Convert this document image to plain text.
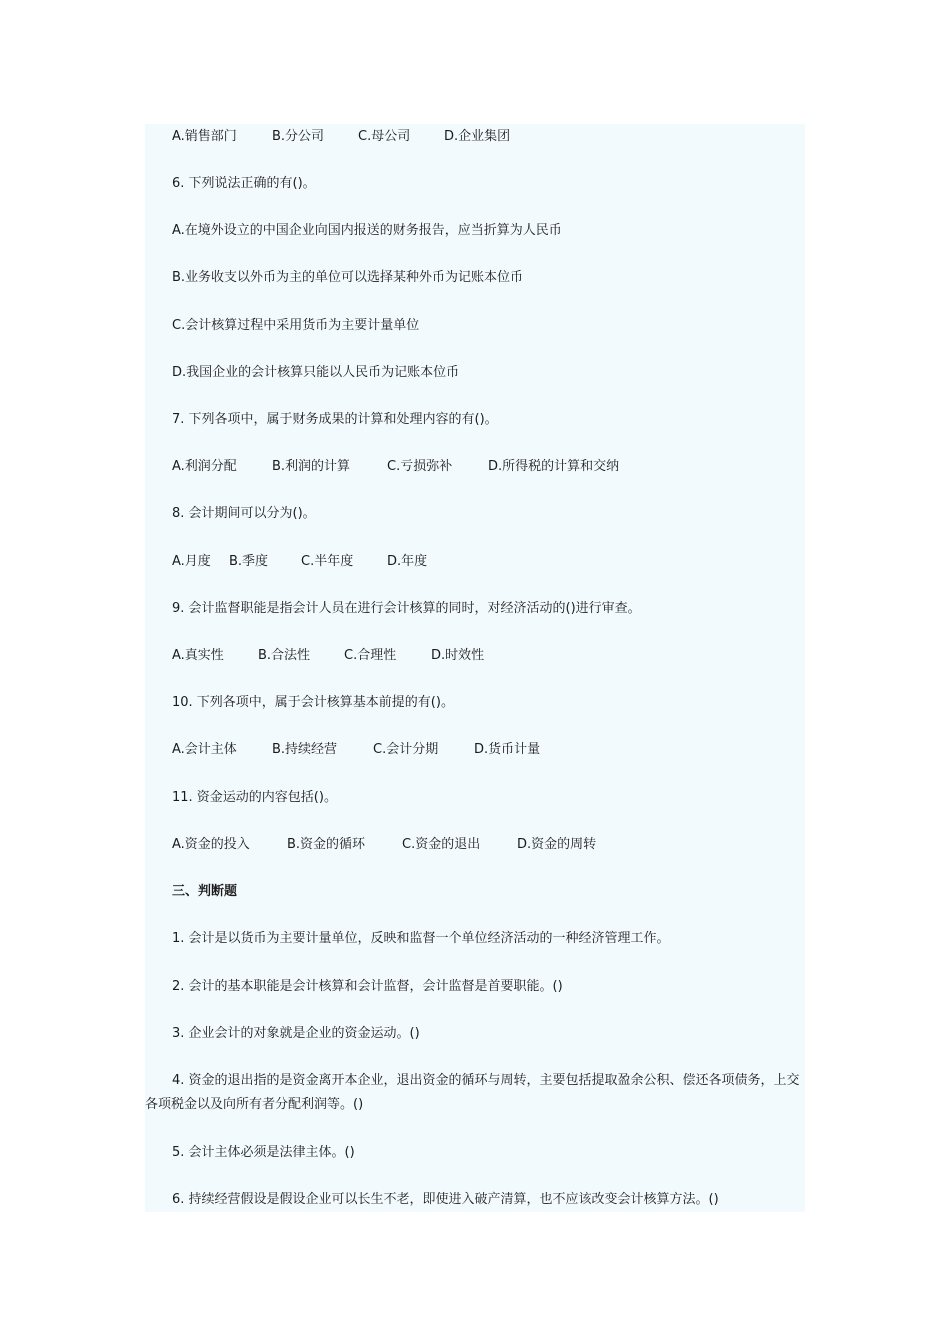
A.销售部门	B.分公司	C.母公司	D.企业集团
6. 下列说法正确的有()。
A.在境外设立的中国企业向国内报送的财务报告，应当折算为人民币
B.业务收支以外币为主的单位可以选择某种外币为记账本位币
C.会计核算过程中采用货币为主要计量单位
D.我国企业的会计核算只能以人民币为记账本位币
7. 下列各项中，属于财务成果的计算和处理内容的有()。
A.利润分配	B.利润的计算	C.亏损弥补	D.所得税的计算和交纳
8. 会计期间可以分为()。
A.月度 B.季度	C.半年度	D.年度
9. 会计监督职能是指会计人员在进行会计核算的同时，对经济活动的()进行审查。
A.真实性	B.合法性	C.合理性	D.时效性
10. 下列各项中，属于会计核算基本前提的有()。
A.会计主体	B.持续经营	C.会计分期	D.货币计量
11. 资金运动的内容包括()。
A.资金的投入	B.资金的循环	C.资金的退出	D.资金的周转
三、判断题
1. 会计是以货币为主要计量单位，反映和监督一个单位经济活动的一种经济管理工作。
2. 会计的基本职能是会计核算和会计监督，会计监督是首要职能。()
3. 企业会计的对象就是企业的资金运动。()
4. 资金的退出指的是资金离开本企业，退出资金的循环与周转，主要包括提取盈余公积、偿还各项债务，上交各项税金以及向所有者分配利润等。()
5. 会计主体必须是法律主体。()
6. 持续经营假设是假设企业可以长生不老，即使进入破产清算，也不应该改变会计核算方法。()
